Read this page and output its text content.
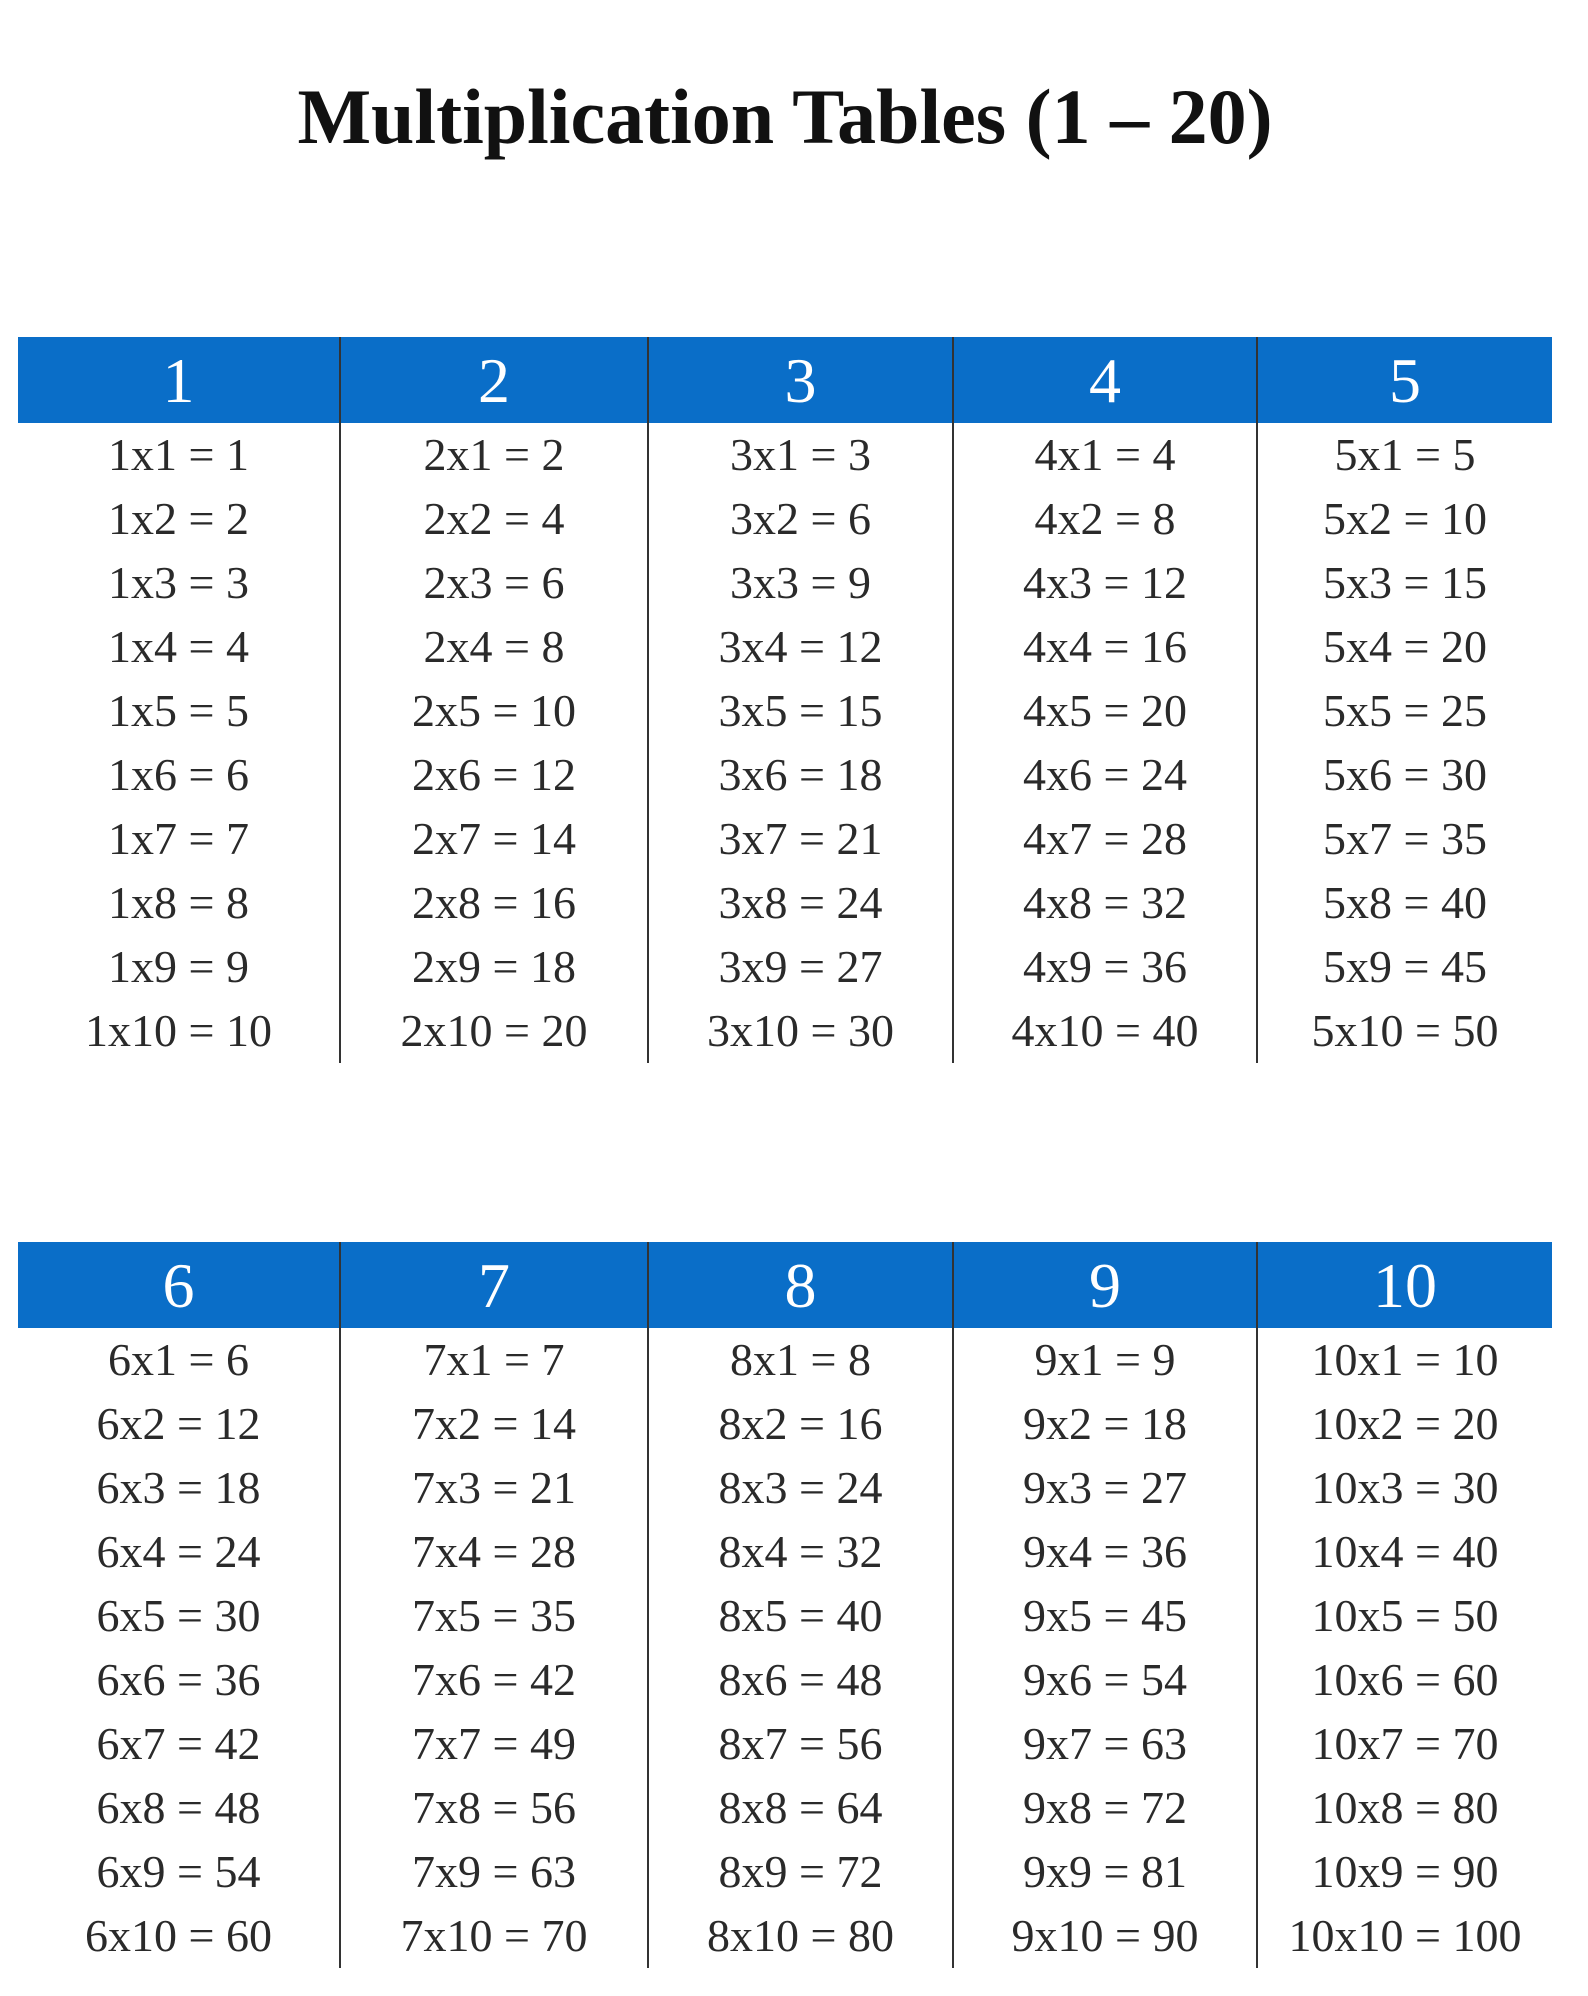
Multiplication Tables (1 – 20)
1
1x1 = 1
1x2 = 2
1x3 = 3
1x4 = 4
1x5 = 5
1x6 = 6
1x7 = 7
1x8 = 8
1x9 = 9
1x10 = 10
2
2x1 = 2
2x2 = 4
2x3 = 6
2x4 = 8
2x5 = 10
2x6 = 12
2x7 = 14
2x8 = 16
2x9 = 18
2x10 = 20
3
3x1 = 3
3x2 = 6
3x3 = 9
3x4 = 12
3x5 = 15
3x6 = 18
3x7 = 21
3x8 = 24
3x9 = 27
3x10 = 30
4
4x1 = 4
4x2 = 8
4x3 = 12
4x4 = 16
4x5 = 20
4x6 = 24
4x7 = 28
4x8 = 32
4x9 = 36
4x10 = 40
5
5x1 = 5
5x2 = 10
5x3 = 15
5x4 = 20
5x5 = 25
5x6 = 30
5x7 = 35
5x8 = 40
5x9 = 45
5x10 = 50
6
6x1 = 6
6x2 = 12
6x3 = 18
6x4 = 24
6x5 = 30
6x6 = 36
6x7 = 42
6x8 = 48
6x9 = 54
6x10 = 60
7
7x1 = 7
7x2 = 14
7x3 = 21
7x4 = 28
7x5 = 35
7x6 = 42
7x7 = 49
7x8 = 56
7x9 = 63
7x10 = 70
8
8x1 = 8
8x2 = 16
8x3 = 24
8x4 = 32
8x5 = 40
8x6 = 48
8x7 = 56
8x8 = 64
8x9 = 72
8x10 = 80
9
9x1 = 9
9x2 = 18
9x3 = 27
9x4 = 36
9x5 = 45
9x6 = 54
9x7 = 63
9x8 = 72
9x9 = 81
9x10 = 90
10
10x1 = 10
10x2 = 20
10x3 = 30
10x4 = 40
10x5 = 50
10x6 = 60
10x7 = 70
10x8 = 80
10x9 = 90
10x10 = 100
